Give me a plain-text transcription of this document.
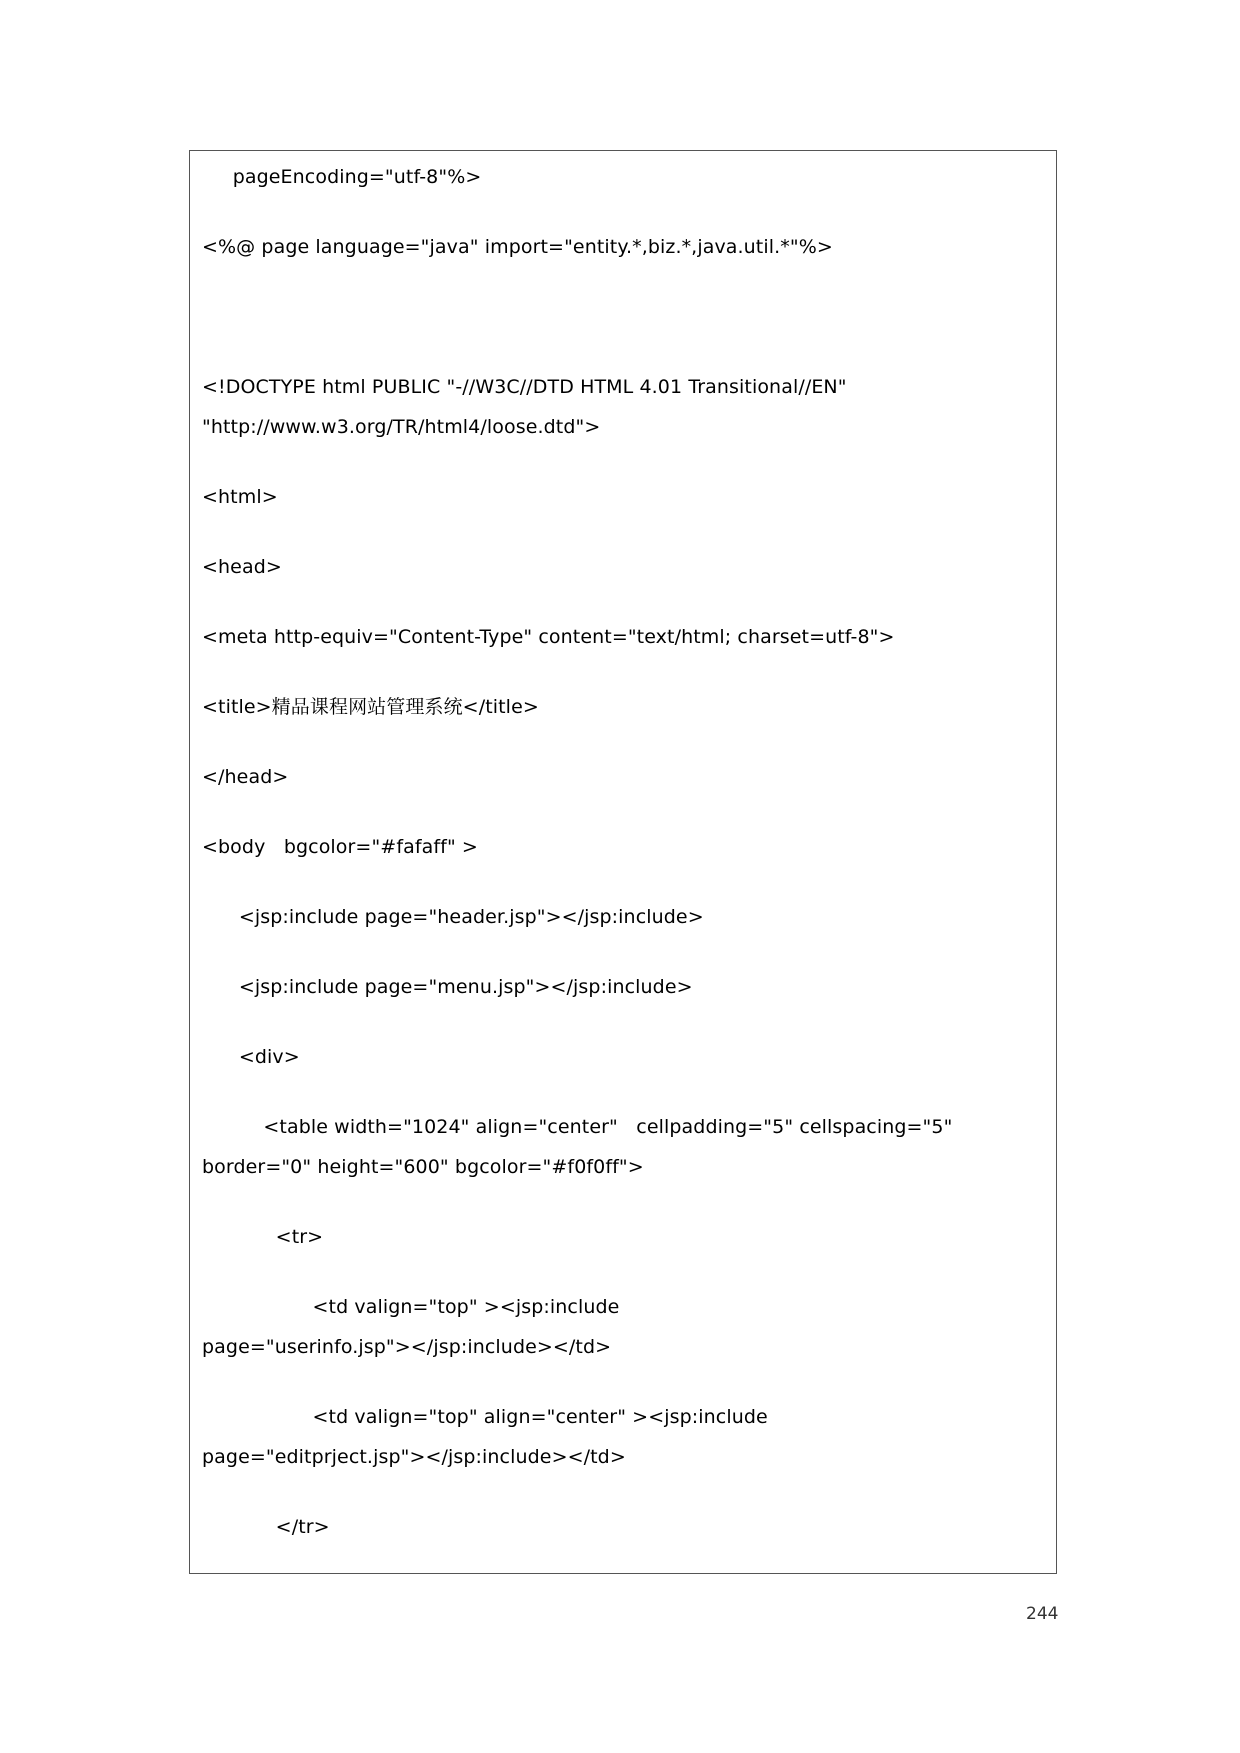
pageEncoding="utf-8"%>
<%@ page language="java" import="entity.*,biz.*,java.util.*"%>
<!DOCTYPE html PUBLIC "-//W3C//DTD HTML 4.01 Transitional//EN"
"http://www.w3.org/TR/html4/loose.dtd">
<html>
<head>
<meta http-equiv="Content-Type" content="text/html; charset=utf-8">
<title>精品课程网站管理系统</title>
</head>
<body   bgcolor="#fafaff" >
<jsp:include page="header.jsp"></jsp:include>
<jsp:include page="menu.jsp"></jsp:include>
<div>
<table width="1024" align="center"   cellpadding="5" cellspacing="5"
border="0" height="600" bgcolor="#f0f0ff">
<tr>
<td valign="top" ><jsp:include
page="userinfo.jsp"></jsp:include></td>
<td valign="top" align="center" ><jsp:include
page="editprject.jsp"></jsp:include></td>
</tr>
244
